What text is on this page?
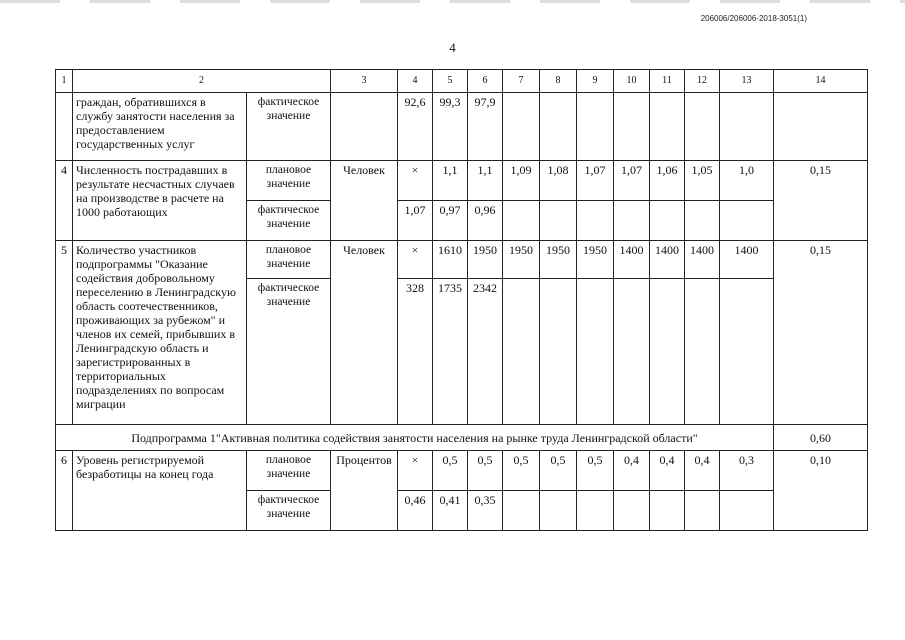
206006/206006-2018-3051(1)
4
1	2		3	4	5	6	7	8	9	10	11	12	13	14
	граждан, обратившихся в службу занятости населения за предоставлением государственных услуг	фактическое значение		92,6	99,3	97,9								
4	Численность пострадавших в результате несчастных случаев на производстве в расчете на 1000 работающих	плановое значение	Человек	×	1,1	1,1	1,09	1,08	1,07	1,07	1,06	1,05	1,0	0,15
		фактическое значение		1,07	0,97	0,96								
5	Количество участников подпрограммы "Оказание содействия добровольному переселению в Ленинградскую область соотечественников, проживающих за рубежом" и членов их семей, прибывших в Ленинградскую область и зарегистрированных в территориальных подразделениях по вопросам миграции	плановое значение	Человек	×	1610	1950	1950	1950	1950	1400	1400	1400	1400	0,15
		фактическое значение		328	1735	2342								
Подпрограмма 1"Активная политика содействия занятости населения на рынке труда Ленинградской области"														0,60
6	Уровень регистрируемой безработицы на конец года	плановое значение	Процентов	×	0,5	0,5	0,5	0,5	0,5	0,4	0,4	0,4	0,3	0,10
		фактическое значение		0,46	0,41	0,35								
